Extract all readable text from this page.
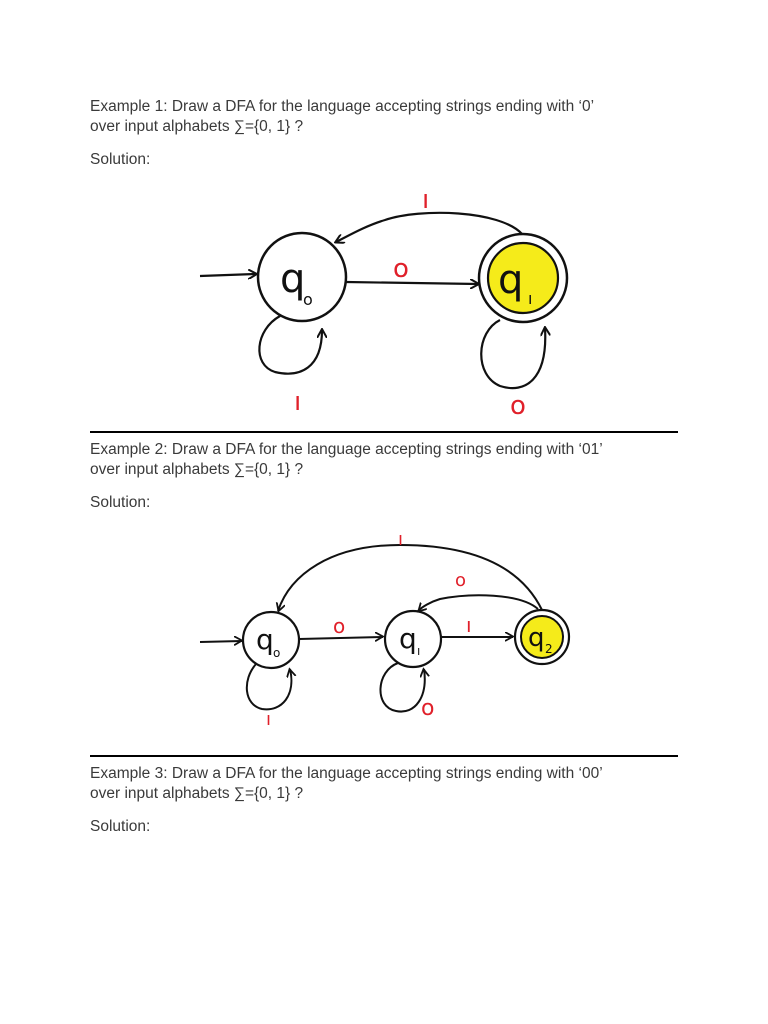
Example 1: Draw a DFA for the language accepting strings ending with ‘0’
over input alphabets ∑={0, 1} ?

Solution:

q
o	q ı
o
ı
ı	o

Example 2: Draw a DFA for the language accepting strings ending with ‘01’
over input alphabets ∑={0, 1} ?

Solution:

q o	q ı	q 2
o	ı
o
ı
ı	o

Example 3: Draw a DFA for the language accepting strings ending with ‘00’
over input alphabets ∑={0, 1} ?

Solution:
